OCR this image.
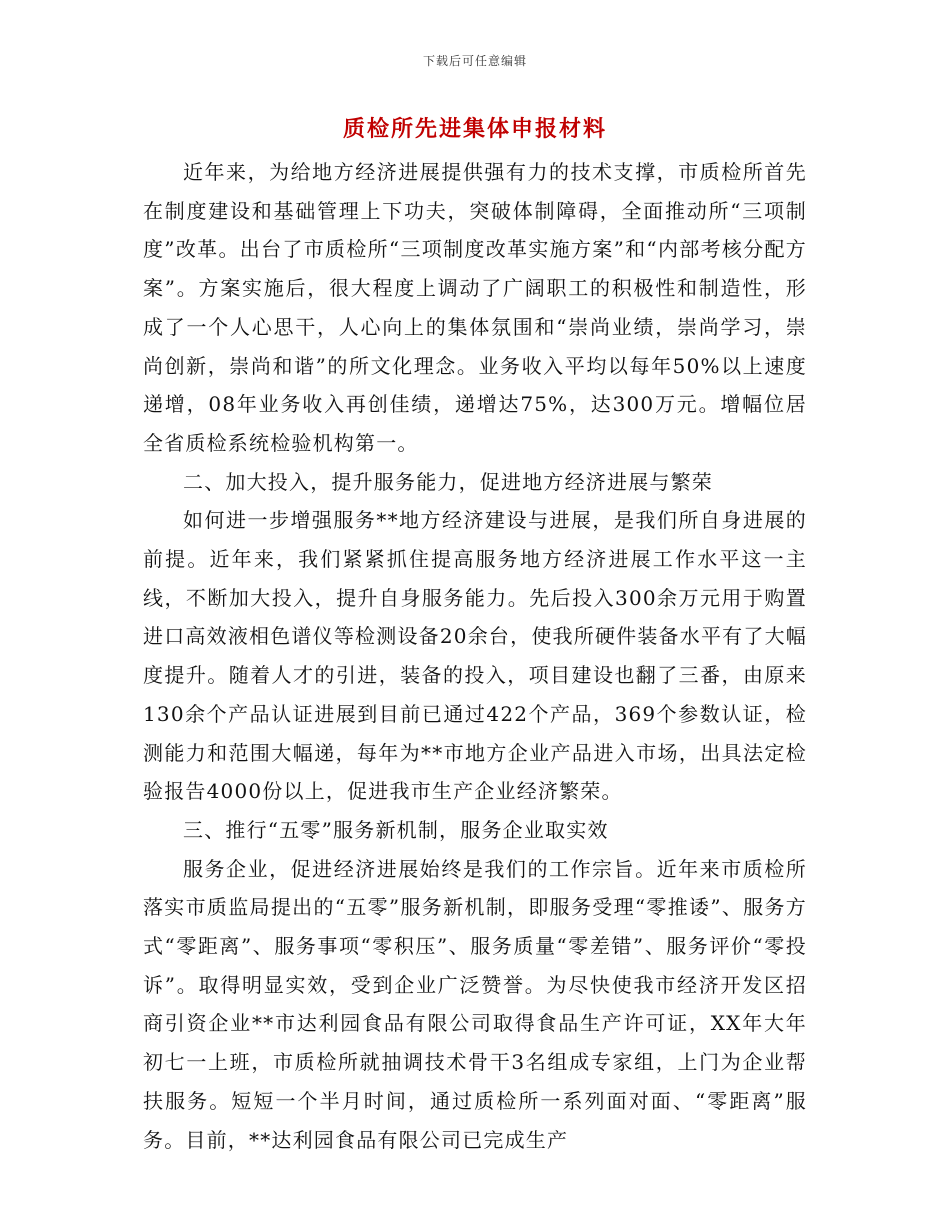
下载后可任意编辑
质检所先进集体申报材料

近年来，为给地方经济进展提供强有力的技术支撑，市质检所首先在制度建设和基础管理上下功夫，突破体制障碍，全面推动所“三项制度”改革。出台了市质检所“三项制度改革实施方案”和“内部考核分配方案”。方案实施后，很大程度上调动了广阔职工的积极性和制造性，形成了一个人心思干，人心向上的集体氛围和“崇尚业绩，崇尚学习，崇尚创新，崇尚和谐”的所文化理念。业务收入平均以每年50%以上速度递增，08年业务收入再创佳绩，递增达75%，达300万元。增幅位居全省质检系统检验机构第一。

二、加大投入，提升服务能力，促进地方经济进展与繁荣

如何进一步增强服务**地方经济建设与进展，是我们所自身进展的前提。近年来，我们紧紧抓住提高服务地方经济进展工作水平这一主线，不断加大投入，提升自身服务能力。先后投入300余万元用于购置进口高效液相色谱仪等检测设备20余台，使我所硬件装备水平有了大幅度提升。随着人才的引进，装备的投入，项目建设也翻了三番，由原来130余个产品认证进展到目前已通过422个产品，369个参数认证，检测能力和范围大幅递，每年为**市地方企业产品进入市场，出具法定检验报告4000份以上，促进我市生产企业经济繁荣。

三、推行“五零”服务新机制，服务企业取实效

服务企业，促进经济进展始终是我们的工作宗旨。近年来市质检所落实市质监局提出的“五零”服务新机制，即服务受理“零推诿”、服务方式“零距离”、服务事项“零积压”、服务质量“零差错”、服务评价“零投诉”。取得明显实效，受到企业广泛赞誉。为尽快使我市经济开发区招商引资企业**市达利园食品有限公司取得食品生产许可证，XX年大年初七一上班，市质检所就抽调技术骨干3名组成专家组，上门为企业帮扶服务。短短一个半月时间，通过质检所一系列面对面、“零距离”服务。目前，**达利园食品有限公司已完成生产
